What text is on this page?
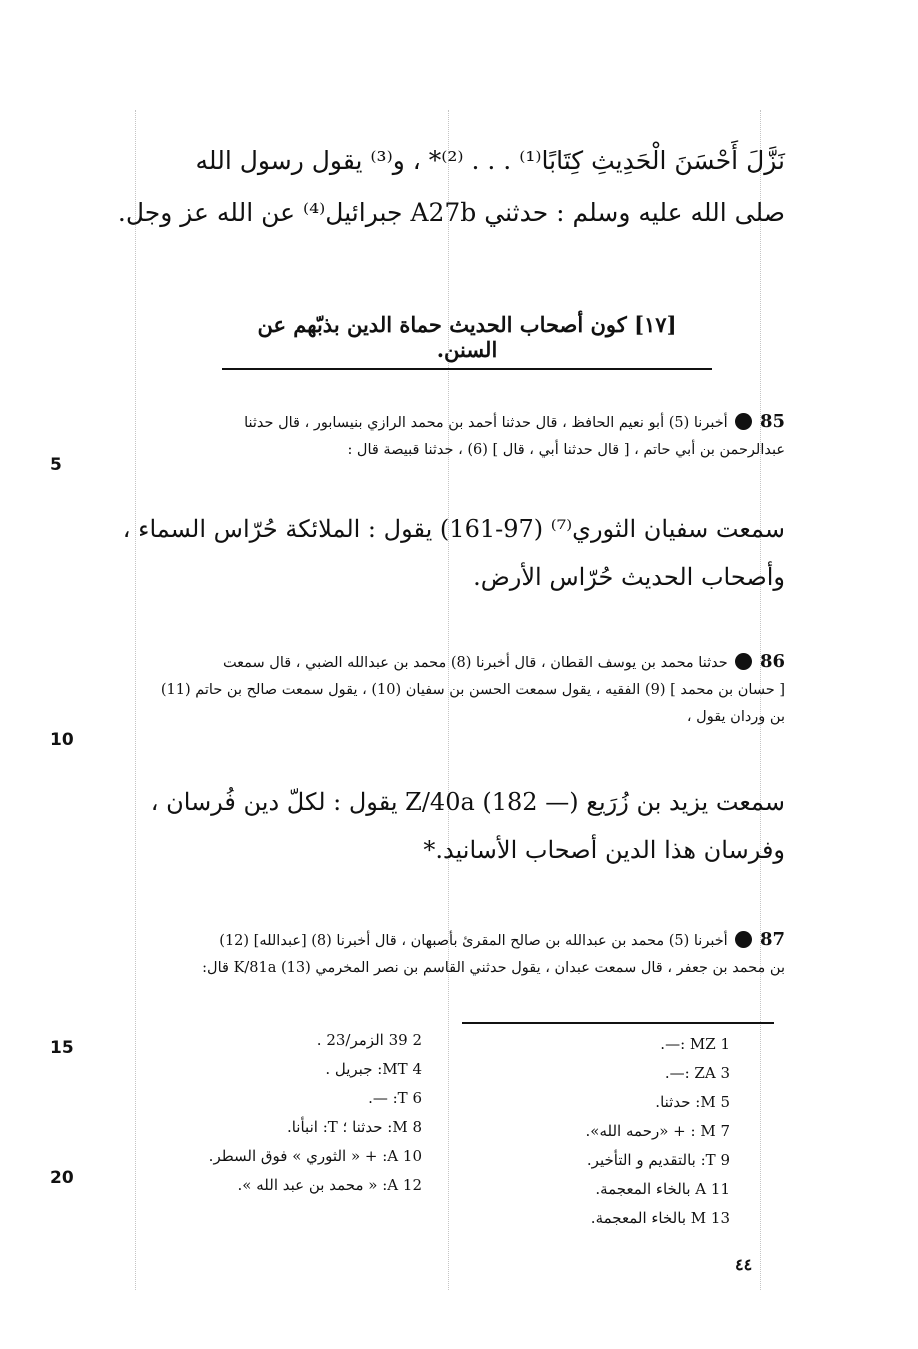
نَزَّلَ أَحْسَنَ الْحَدِيثِ كِتَابًا⁽¹⁾ . . . ‎*⁽²⁾ ، و⁽³⁾ يقول رسول الله
صلى الله عليه وسلم : حدثني A27b جبرائيل⁽⁴⁾ عن الله عز وجل.
[١٧] كون أصحاب الحديث حماة الدين بذبّهم عن السنن.
85  أخبرنا (5) أبو نعيم الحافظ ، قال حدثنا أحمد بن محمد الرازي بنيسابور ، قال حدثنا
عبدالرحمن بن أبي حاتم ، [ قال حدثنا أبي ، قال ] (6) ، حدثنا قبيصة قال :
سمعت سفيان الثوري⁽⁷⁾ (97-161) يقول : الملائكة حُرّاس السماء ،
وأصحاب الحديث حُرّاس الأرض.
86  حدثنا محمد بن يوسف القطان ، قال أخبرنا (8) محمد بن عبدالله الضبي ، قال سمعت
[ حسان بن محمد ] (9) الفقيه ، يقول سمعت الحسن بن سفيان (10) ، يقول سمعت صالح بن حاتم (11)
بن وردان يقول ،
سمعت يزيد بن زُرَيع (— 182) Z/40a يقول : لكلّ دين فُرسان ،
وفرسان هذا الدين أصحاب الأسانيد.*
87  أخبرنا (5) محمد بن عبدالله بن صالح المقرئ بأصبهان ، قال أخبرنا (8) [عبدالله] (12)
بن محمد بن جعفر ، قال سمعت عبدان ، يقول حدثني القاسم بن نصر المخرمي (13) K/81a قال:
5
10
15
20
1 MZ :—.
3 ZA :—.
5 M: حدثنا.
7 M : + «رحمه الله».
9 T: بالتقديم و التأخير.
11 A بالخاء المعجمة.
13 M بالخاء المعجمة.
2 39 الزمر/23 .
4 MT: جبريل .
6 T: —.
8 M: حدثنا ؛ T: انبأنا.
10 A: + « الثوري » فوق السطر.
12 A: « محمد بن عبد الله ».
٤٤
